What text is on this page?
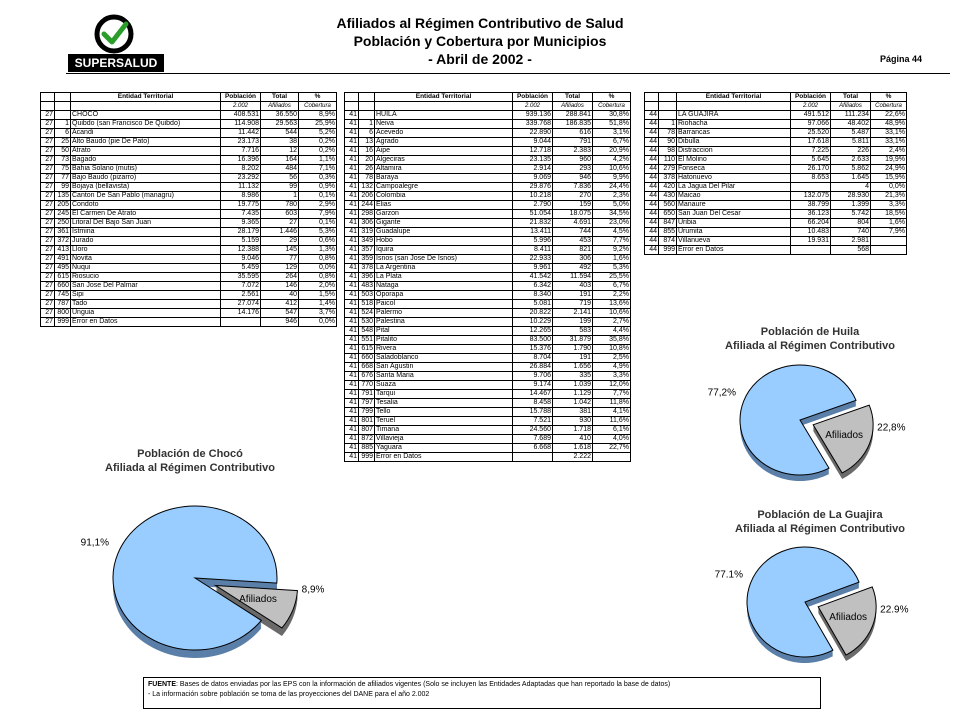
SUPERSALUD
Afiliados al Régimen Contributivo de Salud
Población y Cobertura por Municipios
- Abril de 2002 -	Página 44
		Entidad Territorial	Población	Total	%
			2.002	Afiliados	Cobertura
27		CHOCO	408.531	36.550	8,9%
27	1	Quibdo (san Francisco De Quibdo)	114.908	29.563	25,9%
27	6	Acandi	11.442	544	5,2%
27	25	Alto Baudo (pie De Pato)	23.173	38	0,2%
27	50	Atrato	7.716	12	0,2%
27	73	Bagado	16.396	164	1,1%
27	75	Bahia Solano (mutis)	8.202	484	7,1%
27	77	Bajo Baudo (pizarro)	23.292	56	0,3%
27	99	Bojaya (bellavista)	11.132	99	0,9%
27	135	Canton De San Pablo (managru)	8.986	1	0,1%
27	205	Condoto	19.775	780	2,9%
27	245	El Carmen De Atrato	7.435	603	7,9%
27	250	Litoral Del Bajo San Juan	9.365	27	0,1%
27	361	Istmina	28.179	1.446	5,3%
27	372	Jurado	5.159	29	0,6%
27	413	Lloro	12.388	145	1,3%
27	491	Novita	9.046	77	0,8%
27	495	Nuqui	5.459	129	0,0%
27	615	Riosucio	35.595	264	0,8%
27	660	San Jose Del Palmar	7.072	146	2,0%
27	745	Sipi	2.561	40	1,5%
27	787	Tado	27.074	412	1,4%
27	800	Unguia	14.176	547	3,7%
27	999	Error en Datos		946	0,0%
		Entidad Territorial	Población	Total	%
			2.002	Afiliados	Cobertura
41		HUILA	939.136	288.841	30,8%
41	1	Neiva	339.768	186.835	51,8%
41	6	Acevedo	22.890	616	3,1%
41	13	Agrado	9.044	791	6,7%
41	16	Aipe	12.718	2.383	20,9%
41	20	Algeciras	23.135	960	4,2%
41	26	Altamira	2.914	293	10,6%
41	78	Baraya	9.069	946	9,9%
41	132	Campoalegre	29.876	7.836	24,4%
41	206	Colombia	10.218	270	2,3%
41	244	Elias	2.790	159	5,0%
41	298	Garzon	51.054	18.075	34,5%
41	306	Gigante	21.832	4.691	23,0%
41	319	Guadalupe	13.411	744	4,5%
41	349	Hobo	5.996	453	7,7%
41	357	Iquira	8.411	821	9,2%
41	359	Isnos (san Jose De Isnos)	22.933	306	1,6%
41	378	La Argentina	9.961	492	5,3%
41	396	La Plata	41.542	11.594	25,5%
41	483	Nataga	6.342	403	6,7%
41	503	Oporapa	8.340	191	2,2%
41	518	Paicol	5.081	719	13,6%
41	524	Palermo	20.822	2.141	10,6%
41	530	Palestina	10.229	199	2,7%
41	548	Pital	12.265	583	4,4%
41	551	Pitalito	83.500	31.879	35,8%
41	615	Rivera	15.376	1.790	10,8%
41	660	Saladoblanco	8.704	191	2,5%
41	668	San Agustin	26.884	1.656	4,9%
41	676	Santa Maria	9.706	335	3,3%
41	770	Suaza	9.174	1.039	12,0%
41	791	Tarqui	14.467	1.129	7,7%
41	797	Tesalia	8.458	1.042	11,8%
41	799	Tello	15.788	381	4,1%
41	801	Teruel	7.521	930	11,6%
41	807	Timana	24.560	1.718	6,1%
41	872	Villavieja	7.689	410	4,0%
41	885	Yaguara	6.668	1.618	22,7%
41	999	Error en Datos		2.222	
		Entidad Territorial	Población	Total	%
			2.002	Afiliados	Cobertura
44		LA GUAJIRA	491.512	111.234	22,6%
44	1	Riohacha	97.066	48.402	48,9%
44	78	Barrancas	25.520	5.487	33,1%
44	90	Dibulla	17.618	5.811	33,1%
44	98	Distraccion	7.225	226	2,4%
44	110	El Molino	5.645	2.633	19,9%
44	279	Fonseca	26.170	5.862	24,9%
44	378	Hatonuevo	8.653	1.645	15,9%
44	420	La Jagua Del Pilar		4	0,0%
44	430	Maicao	132.075	28.930	21,3%
44	560	Manaure	38.799	1.399	3,3%
44	650	San Juan Del Cesar	36.123	5.742	18,5%
44	847	Uribia	66.204	804	1,6%
44	855	Urumita	10.483	740	7,9%
44	874	Villanueva	19.931	2.981	
44	999	Error en Datos		568	
Población de Chocó
Afiliada al Régimen Contributivo
Población de Huila
Afiliada al Régimen Contributivo
Población de La Guajira
Afiliada al Régimen Contributivo
Afiliados
91,1%
8,9%
Afiliados
77,2%
22,8%
Afiliados
77.1%
22.9%
FUENTE: Bases de datos enviadas por las EPS con la información de afiliados vigentes (Solo se incluyen las Entidades Adaptadas que han reportado la base de datos)
- La información sobre población se toma de las proyecciones del DANE para el año 2.002
